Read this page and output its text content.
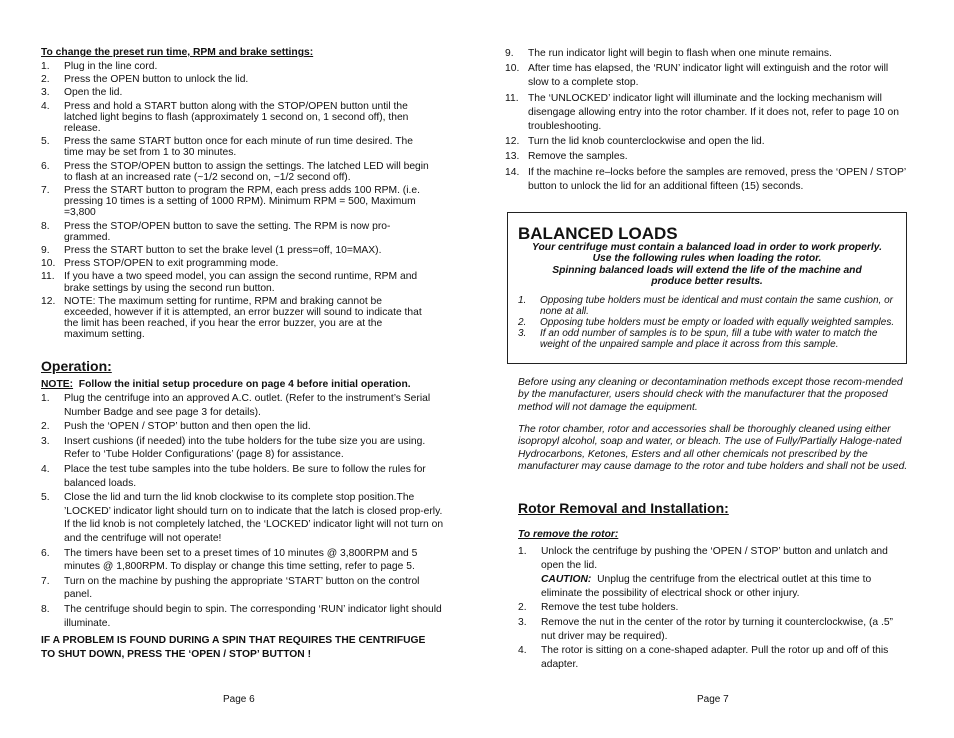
To change the preset run time, RPM and brake settings:
1. Plug in the line cord.
2. Press the OPEN button to unlock the lid.
3. Open the lid.
4. Press and hold a START button along with the STOP/OPEN button until the latched light begins to flash (approximately 1 second on, 1 second off), then release.
5. Press the same START button once for each minute of run time desired. The time may be set from 1 to 30 minutes.
6. Press the STOP/OPEN button to assign the settings. The latched LED will begin to flash at an increased rate (~1/2 second on, ~1/2 second off).
7. Press the START button to program the RPM, each press adds 100 RPM. (i.e. pressing 10 times is a setting of 1000 RPM). Minimum RPM = 500, Maximum =3,800
8. Press the STOP/OPEN button to save the setting. The RPM is now pro-grammed.
9. Press the START button to set the brake level (1 press=off, 10=MAX).
10. Press STOP/OPEN to exit programming mode.
11. If you have a two speed model, you can assign the second runtime, RPM and brake settings by using the second run button.
12. NOTE: The maximum setting for runtime, RPM and braking cannot be exceeded, however if it is attempted, an error buzzer will sound to indicate that the limit has been reached, if you hear the error buzzer, you are at the maximum setting.
Operation:
NOTE: Follow the initial setup procedure on page 4 before initial operation.
1. Plug the centrifuge into an approved A.C. outlet. (Refer to the instrument’s Serial Number Badge and see page 3 for details).
2. Push the ‘OPEN / STOP’ button and then open the lid.
3. Insert cushions (if needed) into the tube holders for the tube size you are using. Refer to ‘Tube Holder Configurations’ (page 8) for assistance.
4. Place the test tube samples into the tube holders. Be sure to follow the rules for balanced loads.
5. Close the lid and turn the lid knob clockwise to its complete stop position.The ’LOCKED’ indicator light should turn on to indicate that the latch is closed prop-erly. If the lid knob is not completely latched, the ‘LOCKED’ indicator light will not turn on and the centrifuge will not operate!
6. The timers have been set to a preset times of 10 minutes @ 3,800RPM and 5 minutes @ 1,800RPM. To display or change this time setting, refer to page 5.
7. Turn on the machine by pushing the appropriate ‘START’ button on the control panel.
8. The centrifuge should begin to spin. The corresponding ‘RUN’ indicator light should illuminate.
IF A PROBLEM IS FOUND DURING A SPIN THAT REQUIRES THE CENTRIFUGE TO SHUT DOWN, PRESS THE ‘OPEN / STOP’ BUTTON !
Page 6
9. The run indicator light will begin to flash when one minute remains.
10. After time has elapsed, the ‘RUN’ indicator light will extinguish and the rotor will slow to a complete stop.
11. The ‘UNLOCKED’ indicator light will illuminate and the locking mechanism will disengage allowing entry into the rotor chamber. If it does not, refer to page 10 on troubleshooting.
12. Turn the lid knob counterclockwise and open the lid.
13. Remove the samples.
14. If the machine re–locks before the samples are removed, press the ‘OPEN / STOP’ button to unlock the lid for an additional fifteen (15) seconds.
BALANCED LOADS
Your centrifuge must contain a balanced load in order to work properly.
Use the following rules when loading the rotor.
Spinning balanced loads will extend the life of the machine and
produce better results.
1. Opposing tube holders must be identical and must contain the same cushion, or none at all.
2. Opposing tube holders must be empty or loaded with equally weighted samples.
3. If an odd number of samples is to be spun, fill a tube with water to match the weight of the unpaired sample and place it across from this sample.
Before using any cleaning or decontamination methods except those recom-mended by the manufacturer, users should check with the manufacturer that the proposed method will not damage the equipment.
The rotor chamber, rotor and accessories shall be thoroughly cleaned using either isopropyl alcohol, soap and water, or bleach. The use of Fully/Partially Haloge-nated Hydrocarbons, Ketones, Esters and all other chemicals not prescribed by the manufacturer may cause damage to the rotor and tube holders and shall not be used.
Rotor Removal and Installation:
To remove the rotor:
1. Unlock the centrifuge by pushing the ‘OPEN / STOP’ button and unlatch and open the lid.
CAUTION: Unplug the centrifuge from the electrical outlet at this time to eliminate the possibility of electrical shock or other injury.
2. Remove the test tube holders.
3. Remove the nut in the center of the rotor by turning it counterclockwise, (a .5” nut driver may be required).
4. The rotor is sitting on a cone-shaped adapter. Pull the rotor up and off of this adapter.
Page 7
